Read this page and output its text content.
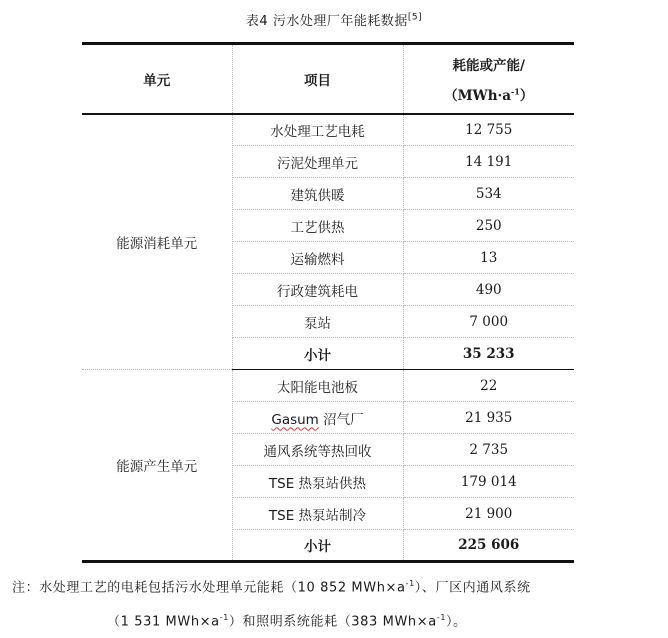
表4 污水处理厂年能耗数据[5]
单元	项目	耗能或产能/
$(MWh\cdot a^{-1})$

能源消耗单元	水处理工艺电耗	12 755
	污泥处理单元	14 191
	建筑供暖	534
	工艺供热	250
	运输燃料	13
	行政建筑耗电	490
	泵站	7 000
	小计	35 233
能源产生单元	太阳能电池板	22
	Gasum 沼气厂	21 935
	通风系统等热回收	2 735
	TSE 热泵站供热	179 014
	TSE 热泵站制冷	21 900
	小计	225 606
注：水处理工艺的电耗包括污水处理单元能耗（10 852 $MWh\times a^{-1}$）、厂区内通风系统
（1 531 $MWh\times a^{-1}$）和照明系统能耗（383 $MWh\times a^{-1}$）。
